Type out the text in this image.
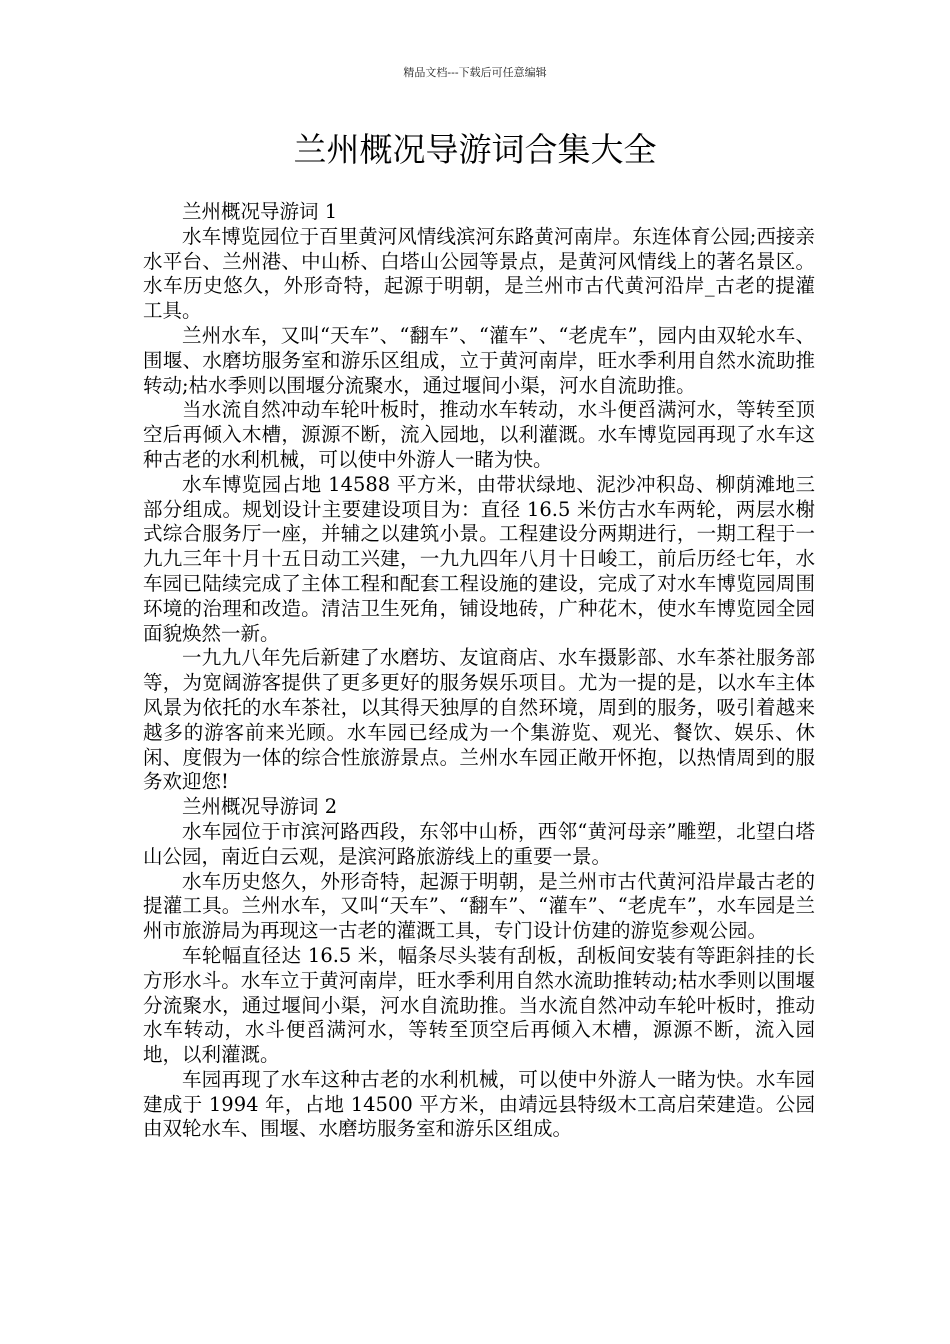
精品文档---下载后可任意编辑
兰州概况导游词合集大全

兰州概况导游词 1

水车博览园位于百里黄河风情线滨河东路黄河南岸。东连体育公园;西接亲水平台、兰州港、中山桥、白塔山公园等景点，是黄河风情线上的著名景区。水车历史悠久，外形奇特，起源于明朝，是兰州市古代黄河沿岸_古老的提灌工具。

兰州水车，又叫“天车”、“翻车”、“灌车”、“老虎车”，园内由双轮水车、围堰、水磨坊服务室和游乐区组成，立于黄河南岸，旺水季利用自然水流助推转动;枯水季则以围堰分流聚水，通过堰间小渠，河水自流助推。

当水流自然冲动车轮叶板时，推动水车转动，水斗便舀满河水，等转至顶空后再倾入木槽，源源不断，流入园地，以利灌溉。水车博览园再现了水车这种古老的水利机械，可以使中外游人一睹为快。

水车博览园占地 14588 平方米，由带状绿地、泥沙冲积岛、柳荫滩地三部分组成。规划设计主要建设项目为：直径 16.5 米仿古水车两轮，两层水榭式综合服务厅一座，并辅之以建筑小景。工程建设分两期进行，一期工程于一九九三年十月十五日动工兴建，一九九四年八月十日峻工，前后历经七年，水车园已陆续完成了主体工程和配套工程设施的建设，完成了对水车博览园周围环境的治理和改造。清洁卫生死角，铺设地砖，广种花木，使水车博览园全园面貌焕然一新。

一九九八年先后新建了水磨坊、友谊商店、水车摄影部、水车茶社服务部等，为宽阔游客提供了更多更好的服务娱乐项目。尤为一提的是，以水车主体风景为依托的水车茶社，以其得天独厚的自然环境，周到的服务，吸引着越来越多的游客前来光顾。水车园已经成为一个集游览、观光、餐饮、娱乐、休闲、度假为一体的综合性旅游景点。兰州水车园正敞开怀抱，以热情周到的服务欢迎您!

兰州概况导游词 2

水车园位于市滨河路西段，东邻中山桥，西邻“黄河母亲”雕塑，北望白塔山公园，南近白云观，是滨河路旅游线上的重要一景。

水车历史悠久，外形奇特，起源于明朝，是兰州市古代黄河沿岸最古老的提灌工具。兰州水车，又叫“天车”、“翻车”、“灌车”、“老虎车”，水车园是兰州市旅游局为再现这一古老的灌溉工具，专门设计仿建的游览参观公园。

车轮幅直径达 16.5 米，幅条尽头装有刮板，刮板间安装有等距斜挂的长方形水斗。水车立于黄河南岸，旺水季利用自然水流助推转动;枯水季则以围堰分流聚水，通过堰间小渠，河水自流助推。当水流自然冲动车轮叶板时，推动水车转动，水斗便舀满河水，等转至顶空后再倾入木槽，源源不断，流入园地，以利灌溉。

车园再现了水车这种古老的水利机械，可以使中外游人一睹为快。水车园建成于 1994 年，占地 14500 平方米，由靖远县特级木工高启荣建造。公园由双轮水车、围堰、水磨坊服务室和游乐区组成。
